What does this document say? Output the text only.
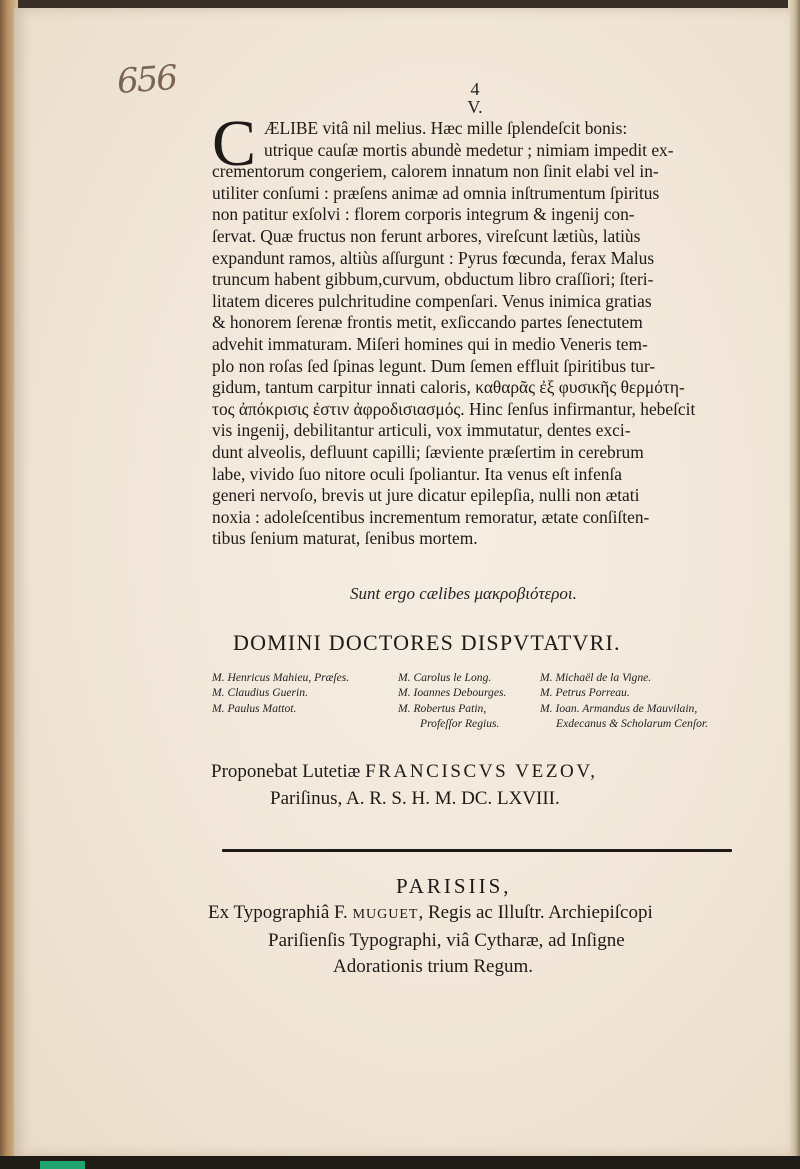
656	4
V.
C ÆLIBE vitâ nil melius. Hæc mille ſplendeſcit bonis:
utrique cauſæ mortis abundè medetur ; nimiam impedit ex-
crementorum congeriem, calorem innatum non ſinit elabi vel in-
utiliter conſumi : præſens animæ ad omnia inſtrumentum ſpiritus
non patitur exſolvi : florem corporis integrum & ingenij con-
ſervat. Quæ fructus non ferunt arbores, vireſcunt lætiùs, latiùs
expandunt ramos, altiùs aſſurgunt : Pyrus fœcunda, ferax Malus
truncum habent gibbum,curvum, obductum libro craſſiori; ſteri-
litatem diceres pulchritudine compenſari. Venus inimica gratias
& honorem ſerenæ frontis metit, exſiccando partes ſenectutem
advehit immaturam. Miſeri homines qui in medio Veneris tem-
plo non roſas ſed ſpinas legunt. Dum ſemen effluit ſpiritibus tur-
gidum, tantum carpitur innati caloris, καθαρᾶς ἐξ φυσικῆς θερμότη-
τος ἀπόκρισις ἐστιν ἀφροδισιασμός. Hinc ſenſus infirmantur, hebeſcit
vis ingenij, debilitantur articuli, vox immutatur, dentes exci-
dunt alveolis, defluunt capilli; ſæviente præſertim in cerebrum
labe, vivido ſuo nitore oculi ſpoliantur. Ita venus eſt infenſa
generi nervoſo, brevis ut jure dicatur epilepſia, nulli non ætati
noxia : adoleſcentibus incrementum remoratur, ætate conſiſten-
tibus ſenium maturat, ſenibus mortem.
Sunt ergo cælibes μακροβιότεροι.
DOMINI DOCTORES DISPVTATVRI.
M. Henricus Mahieu, Præſes.
M. Claudius Guerin.
M. Paulus Mattot.
M. Carolus le Long.
M. Ioannes Debourges.
M. Robertus Patin,
Profeſſor Regius.
M. Michaël de la Vigne.
M. Petrus Porreau.
M. Ioan. Armandus de Mauvilain,
Exdecanus & Scholarum Cenſor.
Proponebat Lutetiæ FRANCISCVS VEZOV,
Pariſinus, A. R. S. H. M. DC. LXVIII.
PARISIIS,
Ex Typographiâ F. MUGUET, Regis ac Illuſtr. Archiepiſcopi
Pariſienſis Typographi, viâ Cytharæ, ad Inſigne
Adorationis trium Regum.
